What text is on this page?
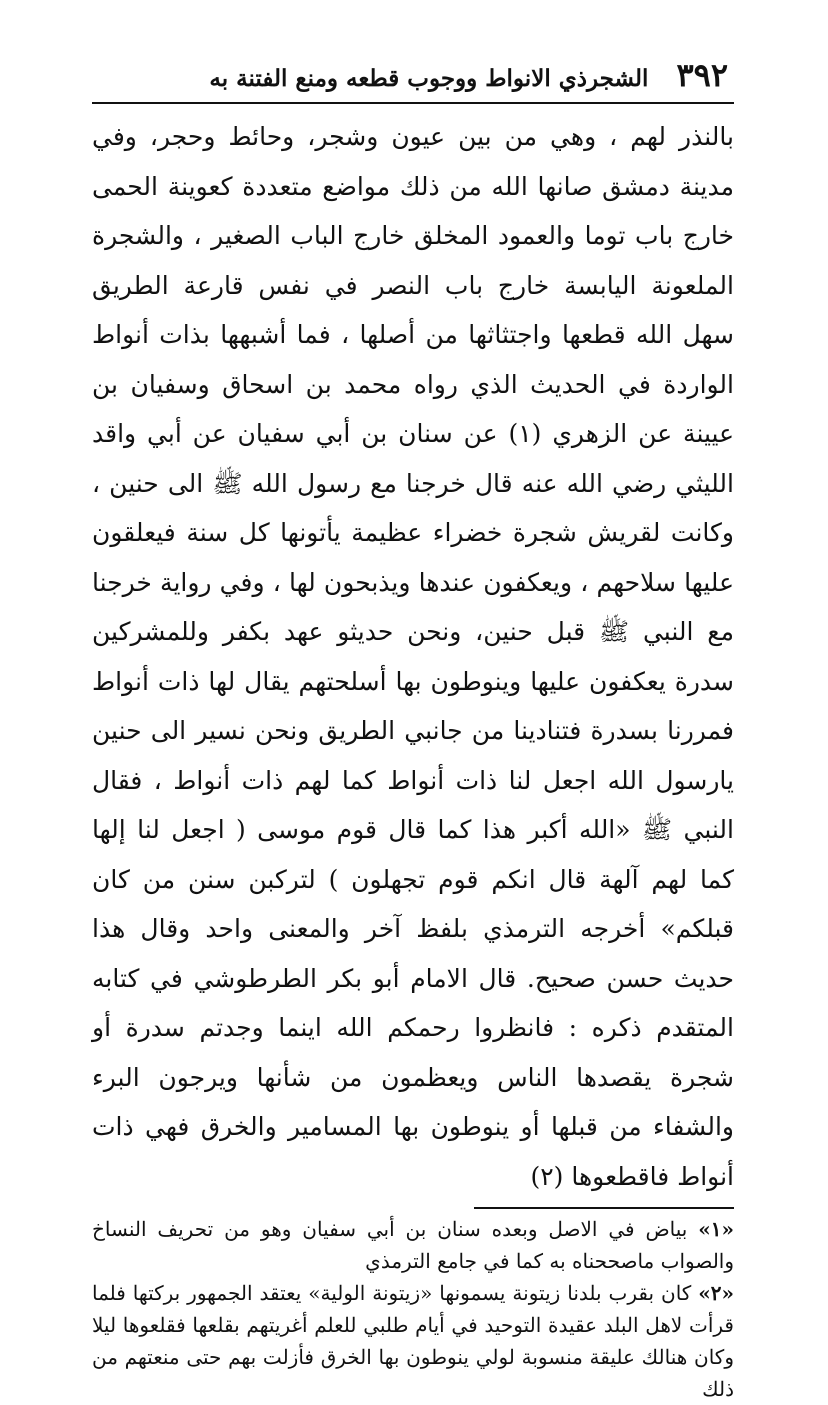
٣٩٢
الشجرذي الانواط ووجوب قطعه ومنع الفتنة به

بالنذر لهم ، وهي من بين عيون وشجر، وحائط وحجر، وفي مدينة دمشق صانها الله من ذلك مواضع متعددة كعوينة الحمى خارج باب توما والعمود المخلق خارج الباب الصغير ، والشجرة الملعونة اليابسة خارج باب النصر في نفس قارعة الطريق سهل الله قطعها واجتثاثها من أصلها ، فما أشبهها بذات أنواط الواردة في الحديث الذي رواه محمد بن اسحاق وسفيان بن عيينة عن الزهري (١) عن سنان بن أبي سفيان عن أبي واقد الليثي رضي الله عنه قال خرجنا مع رسول الله ﷺ الى حنين ، وكانت لقريش شجرة خضراء عظيمة يأتونها كل سنة فيعلقون عليها سلاحهم ، ويعكفون عندها ويذبحون لها ، وفي رواية خرجنا مع النبي ﷺ قبل حنين، ونحن حديثو عهد بكفر وللمشركين سدرة يعكفون عليها وينوطون بها أسلحتهم يقال لها ذات أنواط فمررنا بسدرة فتنادينا من جانبي الطريق ونحن نسير الى حنين يارسول الله اجعل لنا ذات أنواط كما لهم ذات أنواط ، فقال النبي ﷺ «الله أكبر هذا كما قال قوم موسى ( اجعل لنا إلها كما لهم آلهة قال انكم قوم تجهلون ) لتركبن سنن من كان قبلكم» أخرجه الترمذي بلفظ آخر والمعنى واحد وقال هذا حديث حسن صحيح. قال الامام أبو بكر الطرطوشي في كتابه المتقدم ذكره : فانظروا رحمكم الله اينما وجدتم سدرة أو شجرة يقصدها الناس ويعظمون من شأنها ويرجون البرء والشفاء من قبلها أو ينوطون بها المسامير والخرق فهي ذات أنواط فاقطعوها (٢)

«١» بياض في الاصل وبعده سنان بن أبي سفيان وهو من تحريف النساخ والصواب ماصححناه به كما في جامع الترمذي

«٢» كان بقرب بلدنا زيتونة يسمونها «زيتونة الولية» يعتقد الجمهور بركتها فلما قرأت لاهل البلد عقيدة التوحيد في أيام طلبي للعلم أغريتهم بقلعها فقلعوها ليلا وكان هنالك عليقة منسوبة لولي ينوطون بها الخرق فأزلت بهم حتى منعتهم من ذلك
